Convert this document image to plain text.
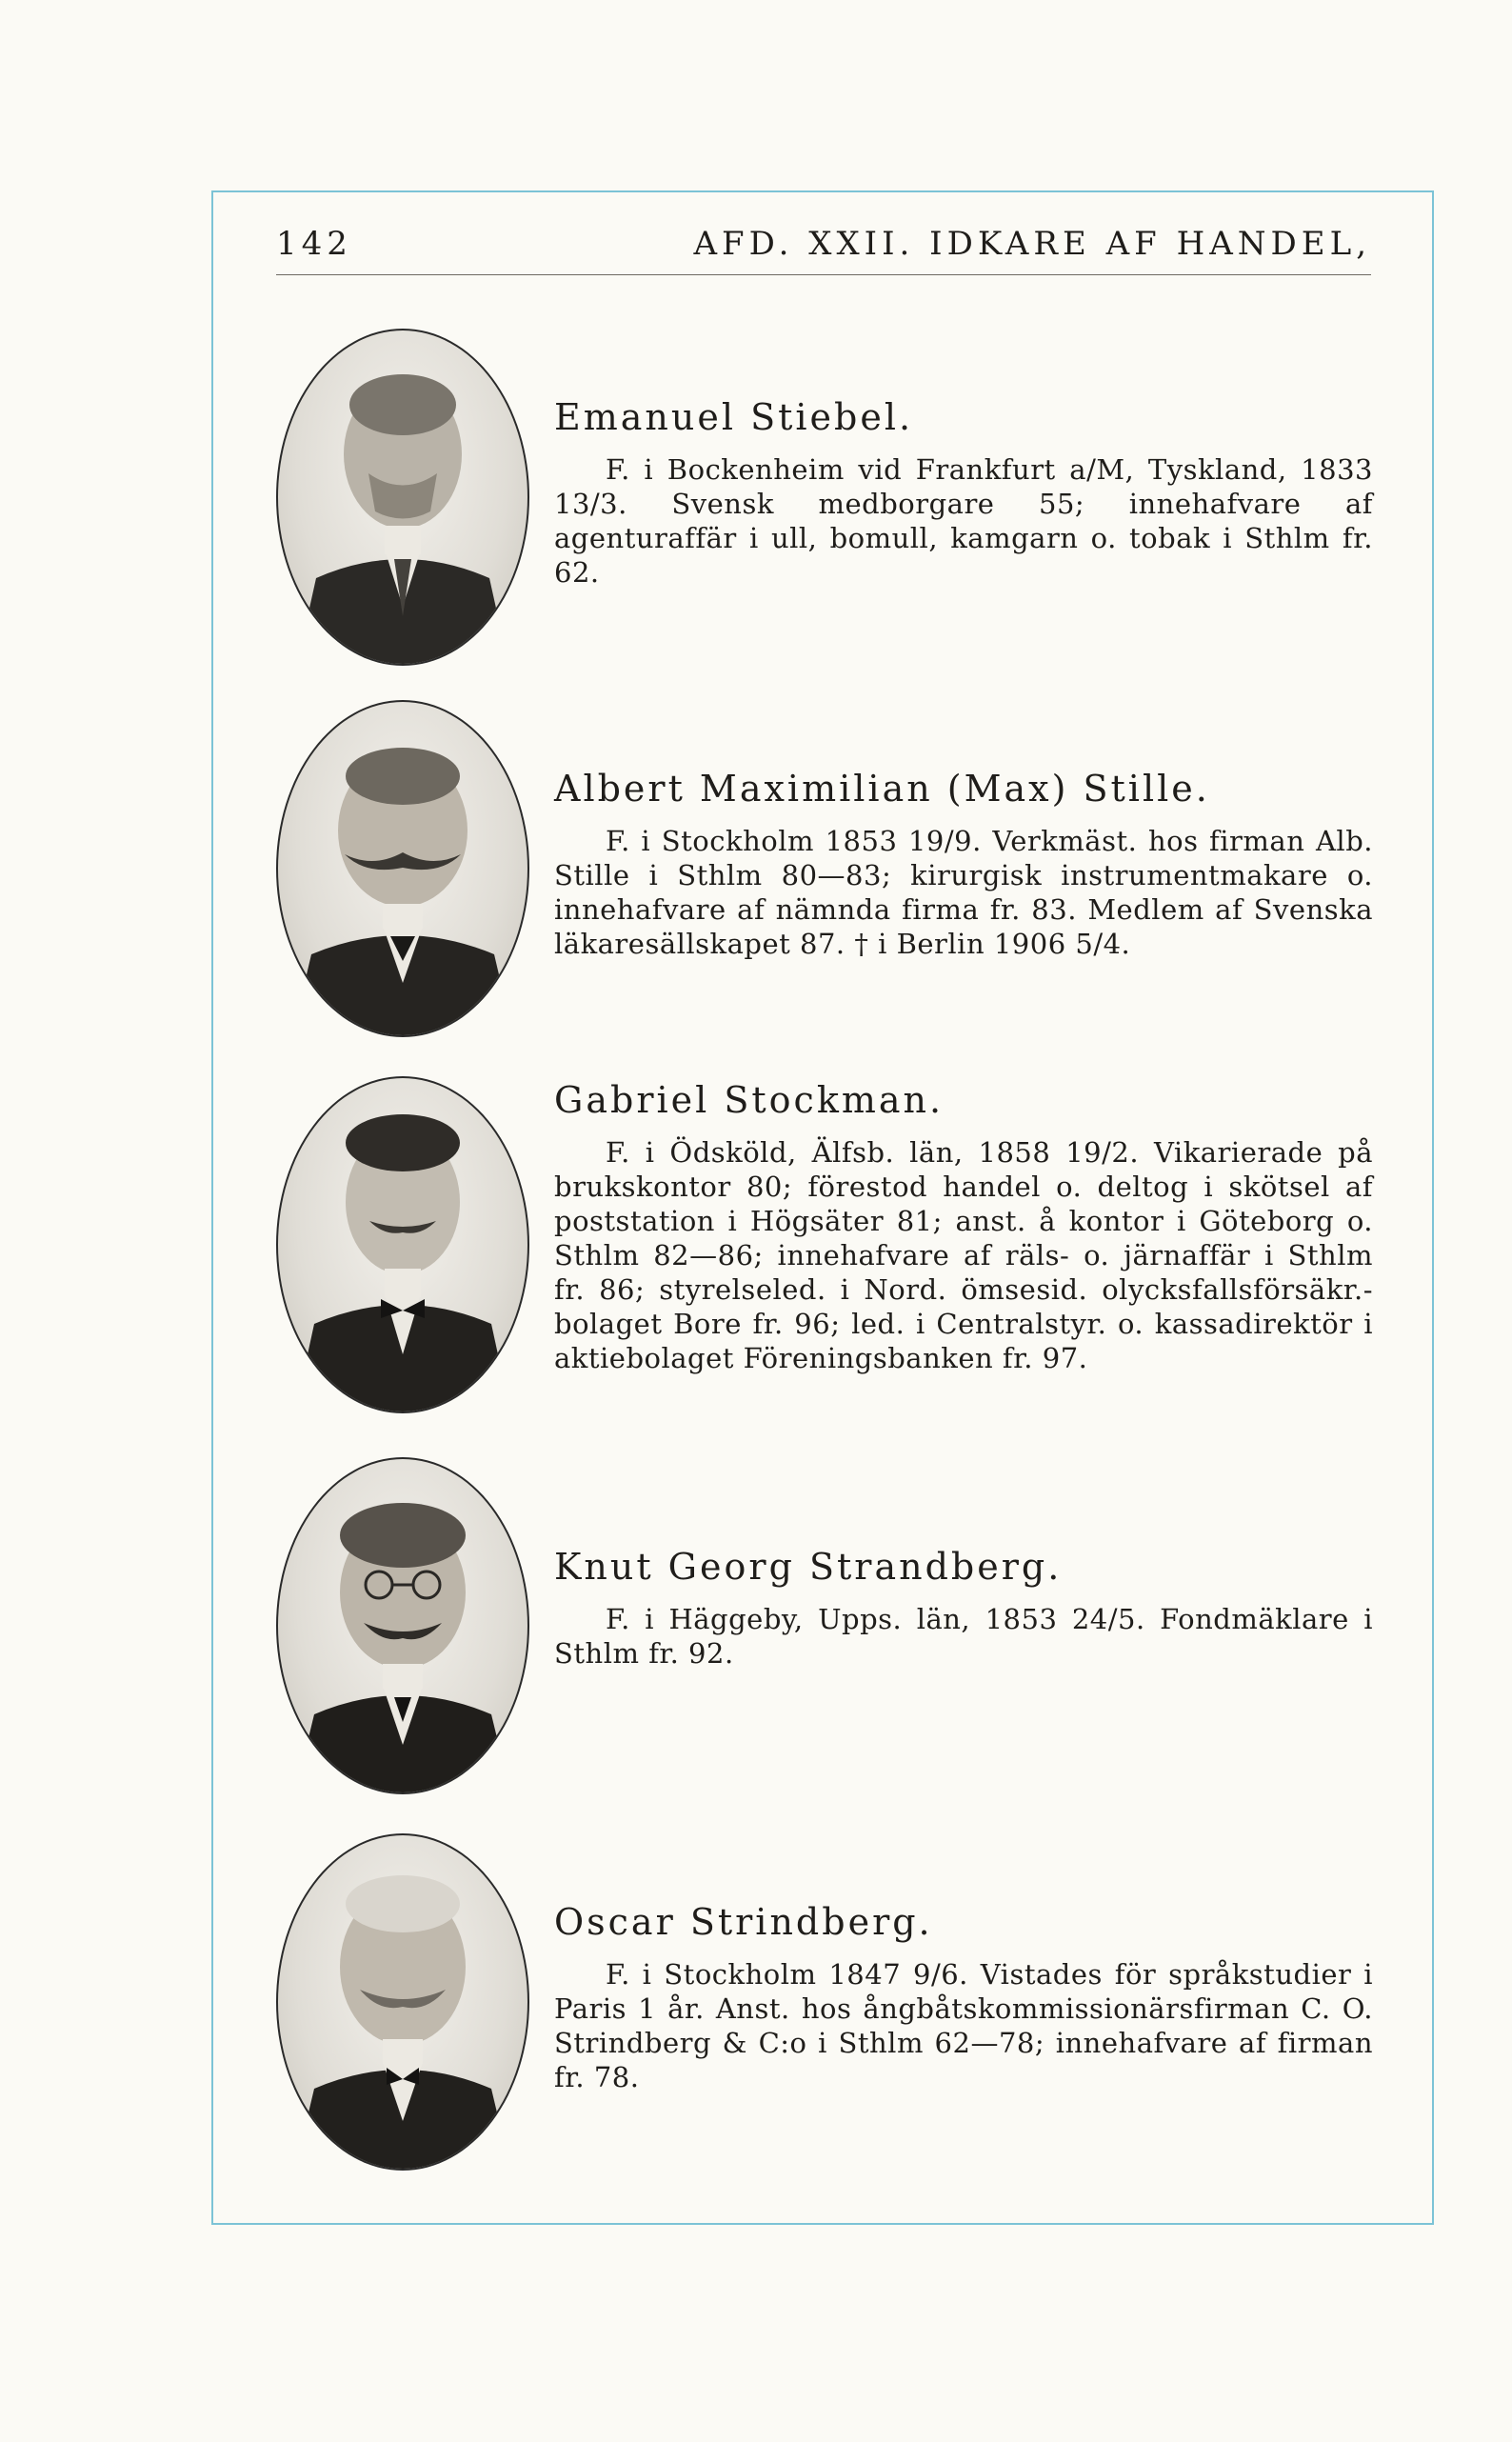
142	AFD. XXII. IDKARE AF HANDEL,

Emanuel Stiebel.

F. i Bockenheim vid Frankfurt a/M, Tyskland, 1833 13/3. Svensk medborgare 55; innehafvare af agenturaffär i ull, bomull, kamgarn o. tobak i Sthlm fr. 62.

Albert Maximilian (Max) Stille.

F. i Stockholm 1853 19/9. Verkmäst. hos firman Alb. Stille i Sthlm 80—83; kirurgisk instrumentmakare o. innehafvare af nämnda firma fr. 83. Medlem af Svenska läkaresällskapet 87. † i Berlin 1906 5/4.

Gabriel Stockman.

F. i Ödsköld, Älfsb. län, 1858 19/2. Vikarierade på brukskontor 80; förestod handel o. deltog i skötsel af poststation i Högsäter 81; anst. å kontor i Göteborg o. Sthlm 82—86; innehafvare af räls- o. järnaffär i Sthlm fr. 86; styrelseled. i Nord. ömsesid. olycksfallsförsäkr.-bolaget Bore fr. 96; led. i Centralstyr. o. kassadirektör i aktiebolaget Föreningsbanken fr. 97.

Knut Georg Strandberg.

F. i Häggeby, Upps. län, 1853 24/5. Fondmäklare i Sthlm fr. 92.

Oscar Strindberg.

F. i Stockholm 1847 9/6. Vistades för språkstudier i Paris 1 år. Anst. hos ångbåtskommissionärsfirman C. O. Strindberg & C:o i Sthlm 62—78; innehafvare af firman fr. 78.
